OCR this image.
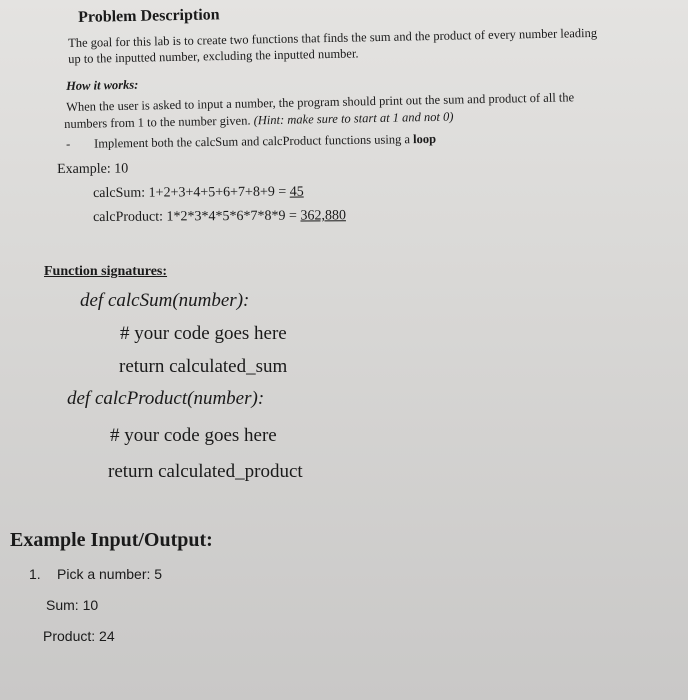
Problem Description
The goal for this lab is to create two functions that finds the sum and the product of every number leading
up to the inputted number, excluding the inputted number.
How it works:
When the user is asked to input a number, the program should print out the sum and product of all the
numbers from 1 to the number given. (Hint: make sure to start at 1 and not 0)
- Implement both the calcSum and calcProduct functions using a loop
Example: 10
calcSum: 1+2+3+4+5+6+7+8+9 = 45
calcProduct: 1*2*3*4*5*6*7*8*9 = 362,880
Function signatures:
def calcSum(number):
# your code goes here
return calculated_sum
def calcProduct(number):
# your code goes here
return calculated_product
Example Input/Output:
1. Pick a number: 5
Sum: 10
Product: 24
